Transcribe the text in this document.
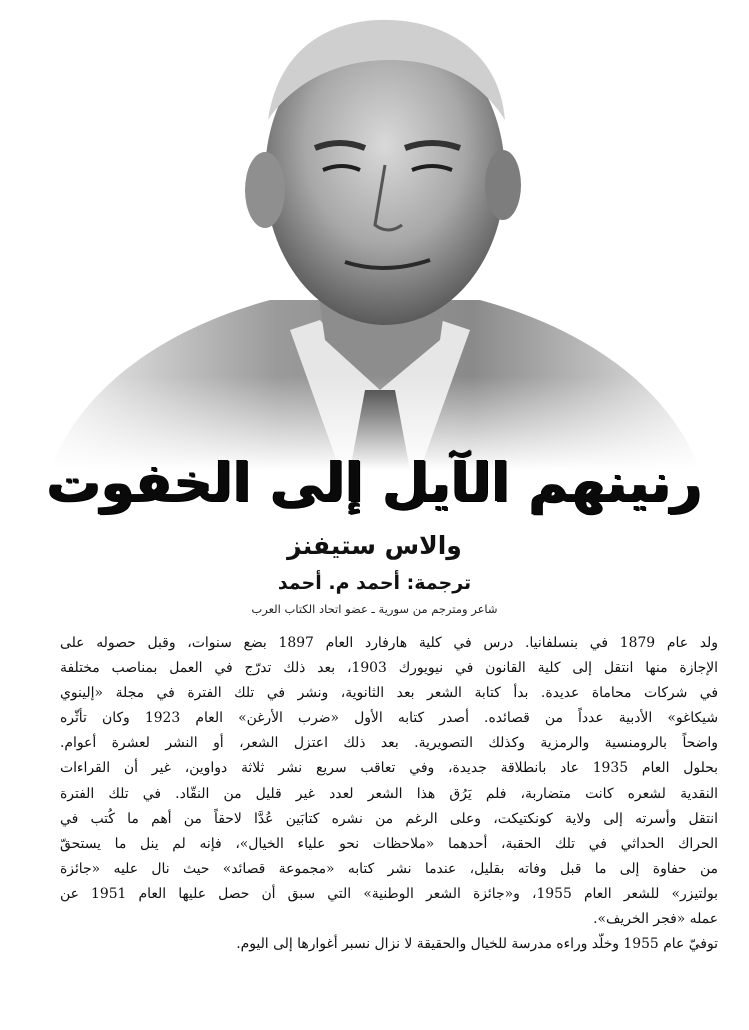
رنينهم الآيل إلى الخفوت
والاس ستيفنز
ترجمة: أحمد م. أحمد
شاعر ومترجم من سورية ـ عضو اتحاد الكتاب العرب
ولد عام 1879 في بنسلفانيا. درس في كلية هارفارد العام 1897 بضع سنوات، وقبل حصوله على
الإجازة منها انتقل إلى كلية القانون في نيويورك 1903، بعد ذلك تدرّج في العمل بمناصب مختلفة
في شركات محاماة عديدة. بدأ كتابة الشعر بعد الثانوية، ونشر في تلك الفترة في مجلة «إلينوي
شيكاغو» الأدبية عدداً من قصائده. أصدر كتابه الأول «ضرب الأرغن» العام 1923 وكان تأثّره
واضحاً بالرومنسية والرمزية وكذلك التصويرية. بعد ذلك اعتزل الشعر، أو النشر لعشرة أعوام.
بحلول العام 1935 عاد بانطلاقة جديدة، وفي تعاقب سريع نشر ثلاثة دواوين، غير أن القراءات
النقدية لشعره كانت متضاربة، فلم يَرُق هذا الشعر لعدد غير قليل من النقّاد. في تلك الفترة
انتقل وأسرته إلى ولاية كونكتيكت، وعلى الرغم من نشره كتابَين عُدَّا لاحقاً من أهم ما كُتب في
الحراك الحداثي في تلك الحقبة، أحدهما «ملاحظات نحو علياء الخيال»، فإنه لم ينل ما يستحقّ
من حفاوة إلى ما قبل وفاته بقليل، عندما نشر كتابه «مجموعة قصائد» حيث نال عليه «جائزة
بولتيزر» للشعر العام 1955، و«جائزة الشعر الوطنية» التي سبق أن حصل عليها العام 1951 عن
عمله «فجر الخريف».
توفيّ عام 1955 وخلّد وراءه مدرسة للخيال والحقيقة لا نزال نسبر أغوارها إلى اليوم.
